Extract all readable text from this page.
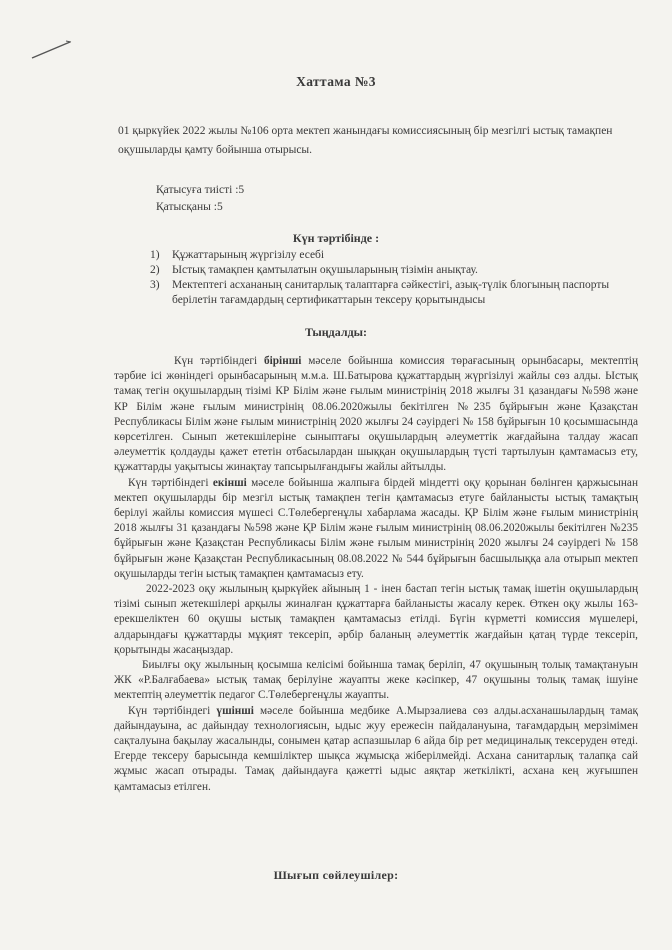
Хаттама №3
01 қыркүйек 2022 жылы №106 орта мектеп жанындағы комиссиясының бір мезгілгі ыстық тамақпен оқушыларды қамту бойынша отырысы.
Қатысуға тиісті :5
Қатысқаны :5
Күн тәртібінде :
1)	Құжаттарының жүргізілу есебі
2)	Ыстық тамақпен қамтылатын оқушыларының тізімін анықтау.
3)	Мектептегі асхананың санитарлық талаптарға сәйкестігі, азық-түлік блогының паспорты берілетін тағамдардың сертификаттарын тексеру қорытындысы
Тыңдалды:

Күн тәртібіндегі бірінші мәселе бойынша комиссия төрағасының орынбасары, мектептің тәрбие ісі жөніндегі орынбасарының м.м.а. Ш.Батырова құжаттардың жүргізілуі жайлы сөз алды. Ыстық тамақ тегін оқушылардың тізімі КР Білім және ғылым министрінің 2018 жылғы 31 қазандағы №598 және КР Білім және ғылым министрінің 08.06.2020жылы бекітілген №235 бұйрығын және Қазақстан Республикасы Білім және ғылым министрінің 2020 жылғы 24 сәуірдегі № 158 бұйрығын 10 қосымшасында көрсетілген. Сынып жетекшілеріне сыныптағы оқушылардың әлеуметтік жағдайына талдау жасап әлеуметтік қолдауды қажет ететін отбасылардан шыққан оқушылардың түсті тартылуын қамтамасыз ету, құжаттарды уақытысы жинақтау тапсырылғандығы жайлы айтылды.

Күн тәртібіндегі екінші мәселе бойынша жалпыға бірдей міндетті оқу қорынан бөлінген қаржысынан мектеп оқушыларды бір мезгіл ыстық тамақпен тегін қамтамасыз етуге байланысты ыстық тамақтың берілуі жайлы комиссия мүшесі С.Төлебергенұлы хабарлама жасады. ҚР Білім және ғылым министрінің 2018 жылғы 31 қазандағы №598 және ҚР Білім және ғылым министрінің 08.06.2020жылы бекітілген №235 бұйрығын және Қазақстан Республикасы Білім және ғылым министрінің 2020 жылғы 24 сәуірдегі № 158 бұйрығын және Қазақстан Республикасының 08.08.2022 № 544 бұйрығын басшылыққа ала отырып мектеп оқушыларды тегін ыстық тамақпен қамтамасыз ету.

2022-2023 оқу жылының қыркүйек айының 1 - інен бастап тегін ыстық тамақ ішетін оқушылардың тізімі сынып жетекшілері арқылы жиналған құжаттарға байланысты жасалу керек. Өткен оқу жылы 163-ерекшеліктен 60 оқушы ыстық тамақпен қамтамасыз етілді. Бүгін күрметті комиссия мүшелері, алдарындағы құжаттарды мұқият тексеріп, әрбір баланың әлеуметтік жағдайын қатаң түрде тексеріп, қорытынды жасаңыздар.

Биылғы оқу жылының қосымша келісімі бойынша тамақ беріліп, 47 оқушының толық тамақтануын ЖК «Р.Балғабаева» ыстық тамақ берілуіне жауапты жеке кәсіпкер, 47 оқушыны толық тамақ ішуіне мектептің әлеуметтік педагог С.Төлебергенұлы жауапты.

Күн тәртібіндегі үшінші мәселе бойынша медбике А.Мырзалиева сөз алды.асханашылардың тамақ дайындауына, ас дайындау технологиясын, ыдыс жуу ережесін пайдалануына, тағамдардың мерзімімен сақталуына бақылау жасалынды, сонымен қатар аспазшылар 6 айда бір рет медициналық тексеруден өтеді. Егерде тексеру барысында кемшіліктер шықса жұмысқа жіберілмейді. Асхана санитарлық талапқа сай жұмыс жасап отырады. Тамақ дайындауға қажетті ыдыс аяқтар жеткілікті, асхана кең жуғышпен қамтамасыз етілген.

Шығып сөйлеушілер:
